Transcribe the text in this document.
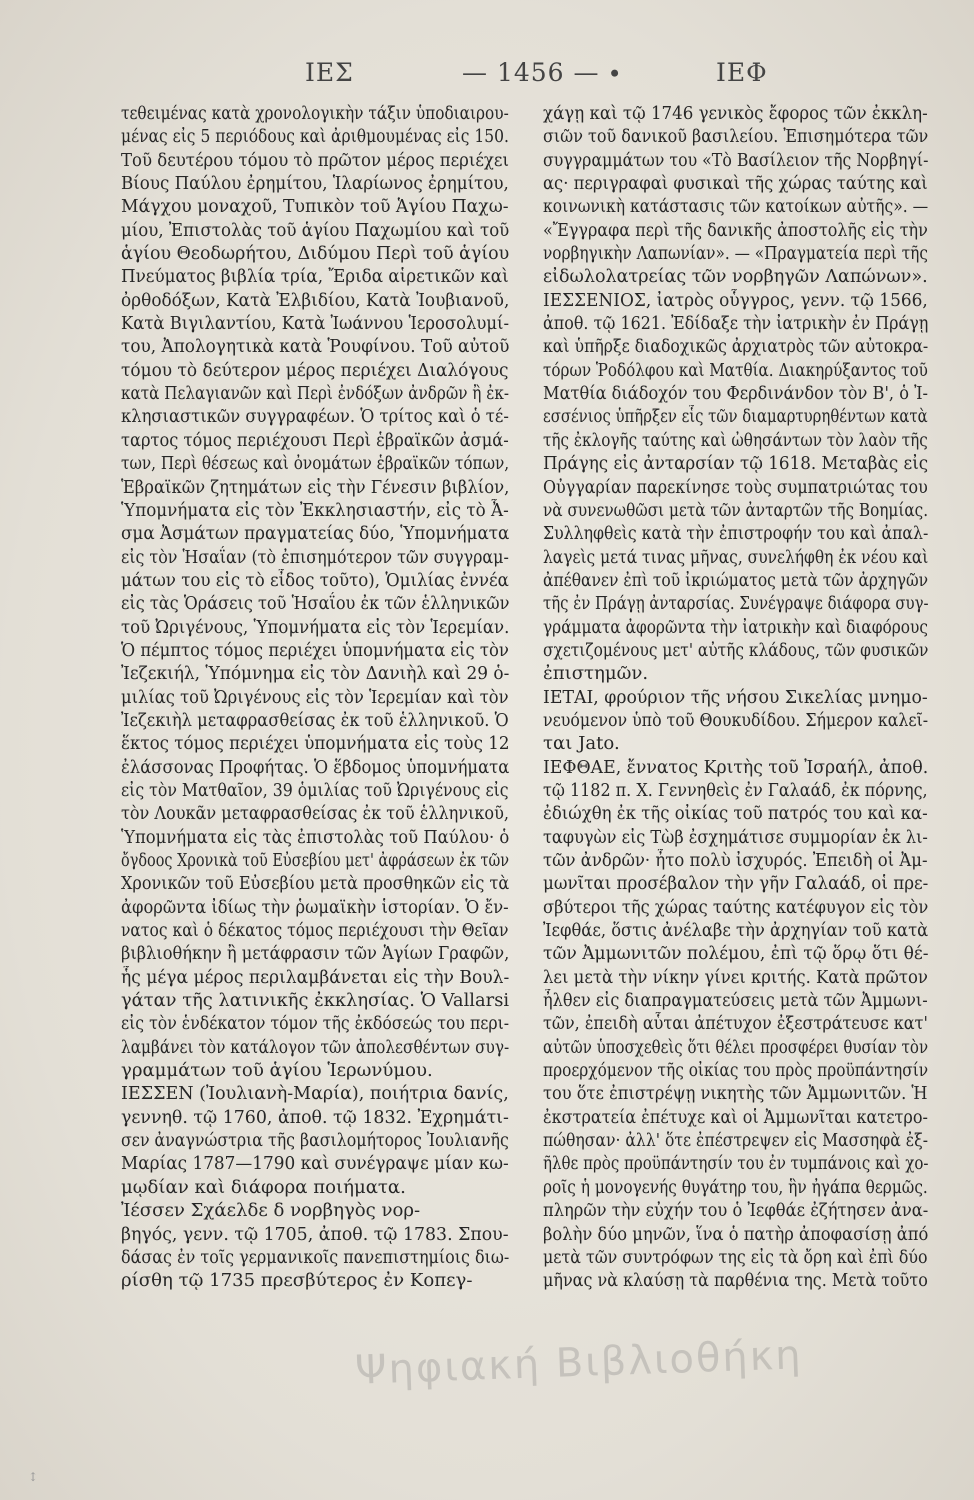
ΙΕΣ	— 1456 — ∙	ΙΕΦ
τεθειμένας κατὰ χρονολογικὴν τάξιν ὑποδιαιρου-
μένας εἰς 5 περιόδους καὶ ἀριθμουμένας εἰς 150.
Τοῦ δευτέρου τόμου τὸ πρῶτον μέρος περιέχει
Βίους Παύλου ἐρημίτου, Ἱλαρίωνος ἐρημίτου,
Μάγχου μοναχοῦ, Τυπικὸν τοῦ Ἁγίου Παχω-
μίου, Ἐπιστολὰς τοῦ ἁγίου Παχωμίου καὶ τοῦ
ἁγίου Θεοδωρήτου, Διδύμου Περὶ τοῦ ἁγίου
Πνεύματος βιβλία τρία, Ἔριδα αἱρετικῶν καὶ
ὀρθοδόξων, Κατὰ Ἐλβιδίου, Κατὰ Ἰουβιανοῦ,
Κατὰ Βιγιλαντίου, Κατὰ Ἰωάννου Ἱεροσολυμί-
του, Ἀπολογητικὰ κατὰ Ῥουφίνου. Τοῦ αὐτοῦ
τόμου τὸ δεύτερον μέρος περιέχει Διαλόγους
κατὰ Πελαγιανῶν καὶ Περὶ ἐνδόξων ἀνδρῶν ἢ ἐκ-
κλησιαστικῶν συγγραφέων. Ὁ τρίτος καὶ ὁ τέ-
ταρτος τόμος περιέχουσι Περὶ ἑβραϊκῶν ἀσμά-
των, Περὶ θέσεως καὶ ὀνομάτων ἑβραϊκῶν τόπων,
Ἑβραϊκῶν ζητημάτων εἰς τὴν Γένεσιν βιβλίον,
Ὑπομνήματα εἰς τὸν Ἐκκλησιαστήν, εἰς τὸ Ἆ-
σμα Ἀσμάτων πραγματείας δύο, Ὑπομνήματα
εἰς τὸν Ἡσαΐαν (τὸ ἐπισημότερον τῶν συγγραμ-
μάτων του εἰς τὸ εἶδος τοῦτο), Ὁμιλίας ἐννέα
εἰς τὰς Ὁράσεις τοῦ Ἡσαΐου ἐκ τῶν ἑλληνικῶν
τοῦ Ὠριγένους, Ὑπομνήματα εἰς τὸν Ἱερεμίαν.
Ὁ πέμπτος τόμος περιέχει ὑπομνήματα εἰς τὸν
Ἰεζεκιήλ, Ὑπόμνημα εἰς τὸν Δανιὴλ καὶ 29 ὁ-
μιλίας τοῦ Ὠριγένους εἰς τὸν Ἱερεμίαν καὶ τὸν
Ἰεζεκιὴλ μεταφρασθείσας ἐκ τοῦ ἑλληνικοῦ. Ὁ
ἕκτος τόμος περιέχει ὑπομνήματα εἰς τοὺς 12
ἐλάσσονας Προφήτας. Ὁ ἕβδομος ὑπομνήματα
εἰς τὸν Ματθαῖον, 39 ὁμιλίας τοῦ Ὠριγένους εἰς
τὸν Λουκᾶν μεταφρασθείσας ἐκ τοῦ ἑλληνικοῦ,
Ὑπομνήματα εἰς τὰς ἐπιστολὰς τοῦ Παύλου· ὁ
ὄγδοος Χρονικὰ τοῦ Εὐσεβίου μετ' ἀφράσεων ἐκ τῶν
Χρονικῶν τοῦ Εὐσεβίου μετὰ προσθηκῶν εἰς τὰ
ἀφορῶντα ἰδίως τὴν ῥωμαϊκὴν ἱστορίαν. Ὁ ἔν-
νατος καὶ ὁ δέκατος τόμος περιέχουσι τὴν Θεῖαν
βιβλιοθήκην ἢ μετάφρασιν τῶν Ἁγίων Γραφῶν,
ἧς μέγα μέρος περιλαμβάνεται εἰς τὴν Βουλ-
γάταν τῆς λατινικῆς ἐκκλησίας. Ὁ Vallarsi
εἰς τὸν ἑνδέκατον τόμον τῆς ἐκδόσεώς του περι-
λαμβάνει τὸν κατάλογον τῶν ἀπολεσθέντων συγ-
γραμμάτων τοῦ ἁγίου Ἱερωνύμου.
ΙΕΣΣΕΝ (Ἰουλιανὴ-Μαρία), ποιήτρια δανίς,
γεννηθ. τῷ 1760, ἀποθ. τῷ 1832. Ἐχρημάτι-
σεν ἀναγνώστρια τῆς βασιλομήτορος Ἰουλιανῆς
Μαρίας 1787—1790 καὶ συνέγραψε μίαν κω-
μῳδίαν καὶ διάφορα ποιήματα.
Ἰέσσεν Σχάελδε δ νορβηγὸς νορ-
βηγός, γενν. τῷ 1705, ἀποθ. τῷ 1783. Σπου-
δάσας ἐν τοῖς γερμανικοῖς πανεπιστημίοις διω-
ρίσθη τῷ 1735 πρεσβύτερος ἐν Κοπεγ-
χάγῃ καὶ τῷ 1746 γενικὸς ἔφορος τῶν ἐκκλη-
σιῶν τοῦ δανικοῦ βασιλείου. Ἐπισημότερα τῶν
συγγραμμάτων του «Τὸ Βασίλειον τῆς Νορβηγί-
ας· περιγραφαὶ φυσικαὶ τῆς χώρας ταύτης καὶ
κοινωνικὴ κατάστασις τῶν κατοίκων αὐτῆς». —
«Ἔγγραφα περὶ τῆς δανικῆς ἀποστολῆς εἰς τὴν
νορβηγικὴν Λαπωνίαν». — «Πραγματεία περὶ τῆς
εἰδωλολατρείας τῶν νορβηγῶν Λαπώνων».
ΙΕΣΣΕΝΙΟΣ, ἰατρὸς οὗγγρος, γενν. τῷ 1566,
ἀποθ. τῷ 1621. Ἐδίδαξε τὴν ἰατρικὴν ἐν Πράγῃ
καὶ ὑπῆρξε διαδοχικῶς ἀρχιατρὸς τῶν αὐτοκρα-
τόρων Ῥοδόλφου καὶ Ματθία. Διακηρύξαντος τοῦ
Ματθία διάδοχόν του Φερδινάνδον τὸν Β', ὁ Ἰ-
εσσένιος ὑπῆρξεν εἷς τῶν διαμαρτυρηθέντων κατὰ
τῆς ἐκλογῆς ταύτης καὶ ὠθησάντων τὸν λαὸν τῆς
Πράγης εἰς ἀνταρσίαν τῷ 1618. Μεταβὰς εἰς
Οὐγγαρίαν παρεκίνησε τοὺς συμπατριώτας του
νὰ συνενωθῶσι μετὰ τῶν ἀνταρτῶν τῆς Βοημίας.
Συλληφθεὶς κατὰ τὴν ἐπιστροφήν του καὶ ἀπαλ-
λαγεὶς μετά τινας μῆνας, συνελήφθη ἐκ νέου καὶ
ἀπέθανεν ἐπὶ τοῦ ἰκριώματος μετὰ τῶν ἀρχηγῶν
τῆς ἐν Πράγῃ ἀνταρσίας. Συνέγραψε διάφορα συγ-
γράμματα ἀφορῶντα τὴν ἰατρικὴν καὶ διαφόρους
σχετιζομένους μετ' αὐτῆς κλάδους, τῶν φυσικῶν
ἐπιστημῶν.
ΙΕΤΑΙ, φρούριον τῆς νήσου Σικελίας μνημο-
νευόμενον ὑπὸ τοῦ Θουκυδίδου. Σήμερον καλεῖ-
ται Jato.
ΙΕΦΘΑΕ, ἔννατος Κριτὴς τοῦ Ἰσραήλ, ἀποθ.
τῷ 1182 π. Χ. Γεννηθεὶς ἐν Γαλαάδ, ἐκ πόρνης,
ἐδιώχθη ἐκ τῆς οἰκίας τοῦ πατρός του καὶ κα-
ταφυγὼν εἰς Τὼβ ἐσχημάτισε συμμορίαν ἐκ λι-
τῶν ἀνδρῶν· ἦτο πολὺ ἰσχυρός. Ἐπειδὴ οἱ Ἀμ-
μωνῖται προσέβαλον τὴν γῆν Γαλαάδ, οἱ πρε-
σβύτεροι τῆς χώρας ταύτης κατέφυγον εἰς τὸν
Ἰεφθάε, ὅστις ἀνέλαβε τὴν ἀρχηγίαν τοῦ κατὰ
τῶν Ἀμμωνιτῶν πολέμου, ἐπὶ τῷ ὅρῳ ὅτι θέ-
λει μετὰ τὴν νίκην γίνει κριτής. Κατὰ πρῶτον
ἦλθεν εἰς διαπραγματεύσεις μετὰ τῶν Ἀμμωνι-
τῶν, ἐπειδὴ αὗται ἀπέτυχον ἐξεστράτευσε κατ'
αὐτῶν ὑποσχεθεὶς ὅτι θέλει προσφέρει θυσίαν τὸν
προερχόμενον τῆς οἰκίας του πρὸς προϋπάντησίν
του ὅτε ἐπιστρέψῃ νικητὴς τῶν Ἀμμωνιτῶν. Ἡ
ἐκστρατεία ἐπέτυχε καὶ οἱ Ἀμμωνῖται κατετρο-
πώθησαν· ἀλλ' ὅτε ἐπέστρεψεν εἰς Μασσηφὰ ἐξ-
ῆλθε πρὸς προϋπάντησίν του ἐν τυμπάνοις καὶ χο-
ροῖς ἡ μονογενής θυγάτηρ του, ἣν ἠγάπα θερμῶς.
πληρῶν τὴν εὐχήν του ὁ Ἰεφθάε ἐζήτησεν ἀνα-
βολὴν δύο μηνῶν, ἵνα ὁ πατὴρ ἀποφασίσῃ ἀπό
μετὰ τῶν συντρόφων της εἰς τὰ ὄρη καὶ ἐπὶ δύο
μῆνας νὰ κλαύσῃ τὰ παρθένια της. Μετὰ τοῦτο
Ψηφιακή Βιβλιοθήκη
↕
